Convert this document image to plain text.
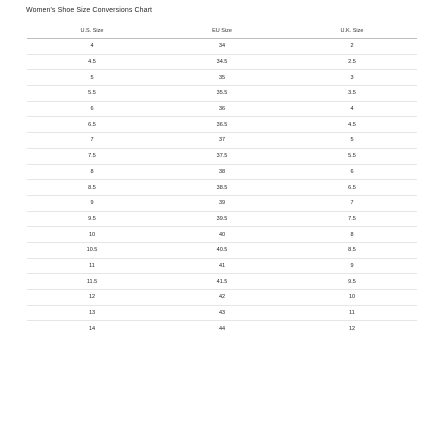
Women's Shoe Size Conversions Chart
U.S. Size	EU Size	U.K. Size
4	34	2
4.5	34.5	2.5
5	35	3
5.5	35.5	3.5
6	36	4
6.5	36.5	4.5
7	37	5
7.5	37.5	5.5
8	38	6
8.5	38.5	6.5
9	39	7
9.5	39.5	7.5
10	40	8
10.5	40.5	8.5
11	41	9
11.5	41.5	9.5
12	42	10
13	43	11
14	44	12
